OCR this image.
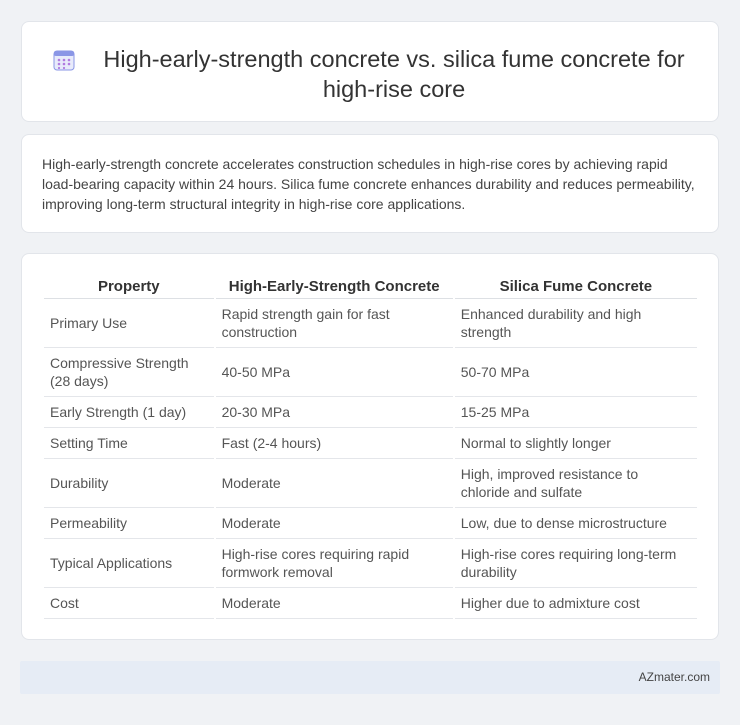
High-early-strength concrete vs. silica fume concrete for high-rise core

High-early-strength concrete accelerates construction schedules in high-rise cores by achieving rapid load-bearing capacity within 24 hours. Silica fume concrete enhances durability and reduces permeability, improving long-term structural integrity in high-rise core applications.

Property	High-Early-Strength Concrete	Silica Fume Concrete
Primary Use	Rapid strength gain for fast construction	Enhanced durability and high strength
Compressive Strength (28 days)	40-50 MPa	50-70 MPa
Early Strength (1 day)	20-30 MPa	15-25 MPa
Setting Time	Fast (2-4 hours)	Normal to slightly longer
Durability	Moderate	High, improved resistance to chloride and sulfate
Permeability	Moderate	Low, due to dense microstructure
Typical Applications	High-rise cores requiring rapid formwork removal	High-rise cores requiring long-term durability
Cost	Moderate	Higher due to admixture cost
AZmater.com
